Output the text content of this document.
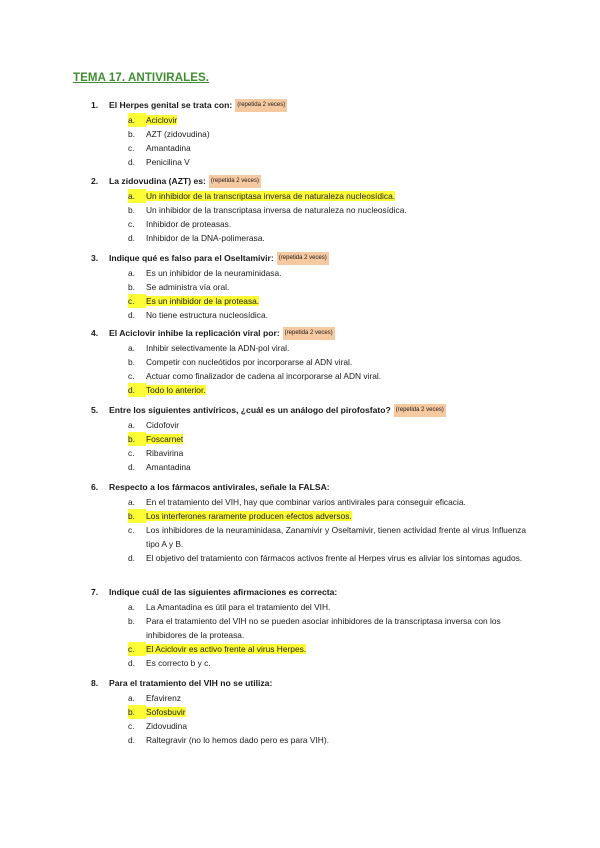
TEMA 17. ANTIVIRALES.
1.	El Herpes genital se trata con: (repetida 2 veces)
a.	Aciclovir
b.	AZT (zidovudina)
c.	Amantadina
d.	Penicilina V
2.	La zidovudina (AZT) es: (repetida 2 veces)
a.	Un inhibidor de la transcriptasa inversa de naturaleza nucleosídica.
b.	Un inhibidor de la transcriptasa inversa de naturaleza no nucleosídica.
c.	Inhibidor de proteasas.
d.	Inhibidor de la DNA-polimerasa.
3.	Indique qué es falso para el Oseltamivir: (repetida 2 veces)
a.	Es un inhibidor de la neuraminidasa.
b.	Se administra vía oral.
c.	Es un inhibidor de la proteasa.
d.	No tiene estructura nucleosídica.
4.	El Aciclovir inhibe la replicación viral por: (repetida 2 veces)
a.	Inhibir selectivamente la ADN-pol viral.
b.	Competir con nucleótidos por incorporarse al ADN viral.
c.	Actuar como finalizador de cadena al incorporarse al ADN viral.
d.	Todo lo anterior.
5.	Entre los siguientes antivíricos, ¿cuál es un análogo del pirofosfato? (repetida 2 veces)
a.	Cidofovir
b.	Foscarnet
c.	Ribavirina
d.	Amantadina
6.	Respecto a los fármacos antivirales, señale la FALSA:
a.	En el tratamiento del VIH, hay que combinar varios antivirales para conseguir eficacia.
b.	Los interferones raramente producen efectos adversos.
c.	Los inhibidores de la neuraminidasa, Zanamivir y Oseltamivir, tienen actividad frente al virus Influenza tipo A y B.
d.	El objetivo del tratamiento con fármacos activos frente al Herpes virus es aliviar los síntomas agudos.
7.	Indique cuál de las siguientes afirmaciones es correcta:
a.	La Amantadina es útil para el tratamiento del VIH.
b.	Para el tratamiento del VIH no se pueden asociar inhibidores de la transcriptasa inversa con los inhibidores de la proteasa.
c.	El Aciclovir es activo frente al virus Herpes.
d.	Es correcto b y c.
8.	Para el tratamiento del VIH no se utiliza:
a.	Efavirenz
b.	Sofosbuvir
c.	Zidovudina
d.	Raltegravir (no lo hemos dado pero es para VIH).
